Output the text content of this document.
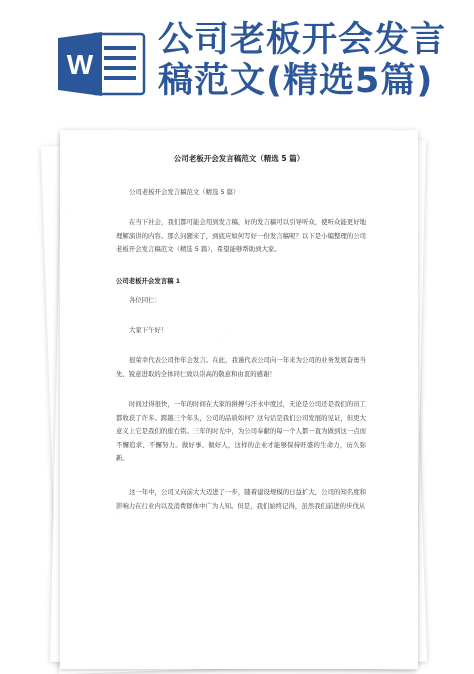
W
公司老板开会发言
稿范文(精选5篇)
· · · · · ·
· · · · · ·
· · · · · ·
公司老板开会发言稿范文（精选 5 篇）

公司老板开会发言稿范文（精选 5 篇）

在当下社会，我们都可能会用到发言稿，好的发言稿可以引导听众，使听众能更好地理解演讲的内容。那么问题来了，到底应如何写好一份发言稿呢？以下是小编整理的公司老板开会发言稿范文（精选 5 篇），希望能够帮助到大家。

公司老板开会发言稿 1

各位同仁：

大家下午好！

很荣幸代表公司作年会发言。在此，我谨代表公司向一年来为公司的业务发展奋勇当先、锐意进取的全体同仁致以崇高的敬意和由衷的感谢！

时间过得很快，一年的时间在大家的拼搏与汗水中度过，无论是公司还是我们的员工都收获了许多。跨越三个年头，公司的品质如何？这句话是我们公司发展的见证，但更大意义上它是我们的座右铭。三年的时光中，为公司奉献的每一个人都一直为做到这一点而不懈追求、不懈努力。做好事、做好人，这样的企业才能够保持旺盛的生命力，历久弥新。

这一年中，公司又向前大大迈进了一步，随着建设规模的日益扩大，公司的知名度和影响力在行业内以及消费群体中广为人知。但是，我们始终记得，虽然我们前进的步伐从
